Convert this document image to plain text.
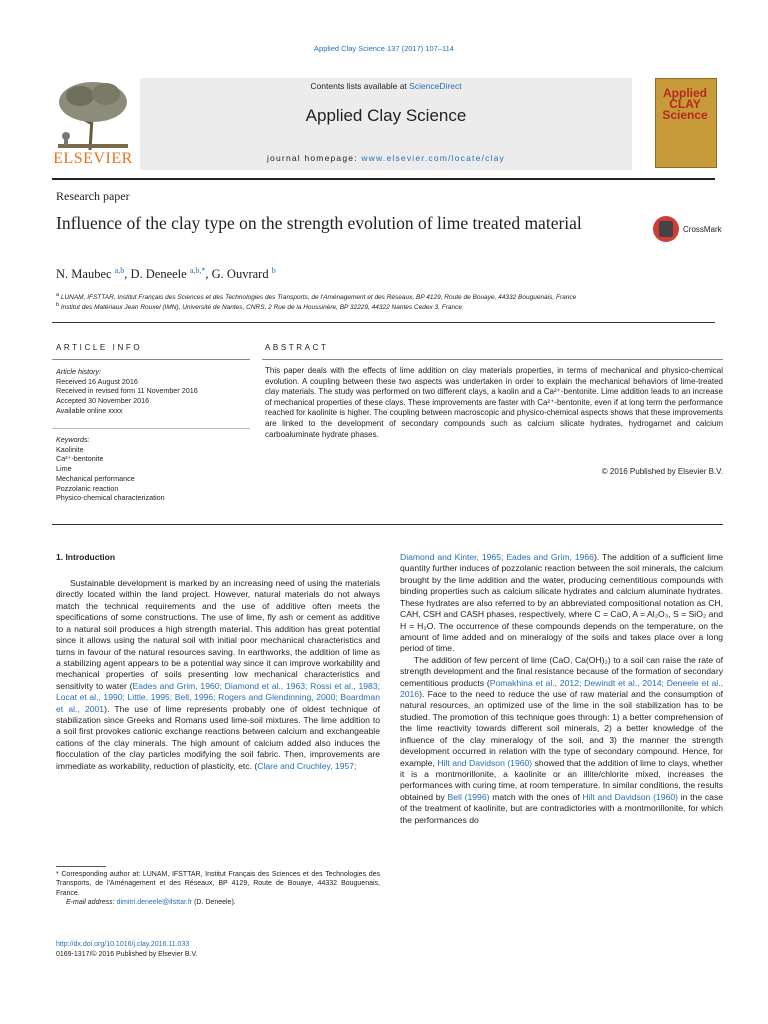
Applied Clay Science 137 (2017) 107–114
ELSEVIER
Contents lists available at ScienceDirect
Applied Clay Science
journal homepage: www.elsevier.com/locate/clay
Applied CLAY Science
Research paper
Influence of the clay type on the strength evolution of lime treated material	CrossMark
N. Maubec $^{a,b}$, D. Deneele $^{a,b,*}$, G. Ouvrard $^b$
$^a$ LUNAM, IFSTTAR, Institut Français des Sciences et des Technologies des Transports, de l'Aménagement et des Réseaux, BP 4129, Route de Bouaye, 44332 Bouguenais, France
$^b$ Institut des Matériaux Jean Rouxel (IMN), Université de Nantes, CNRS, 2 Rue de la Houssinère, BP 32229, 44322 Nantes Cedex 3, France
ARTICLE INFO	ABSTRACT
Article history:
Received 16 August 2016
Received in revised form 11 November 2016
Accepted 30 November 2016
Available online xxxx
Keywords:
Kaolinite
Ca²⁺-bentonite
Lime
Mechanical performance
Pozzolanic reaction
Physico-chemical characterization
This paper deals with the effects of lime addition on clay materials properties, in terms of mechanical and physico-chemical evolution. A coupling between these two aspects was undertaken in order to explain the mechanical behaviors of lime-treated clay materials. The study was performed on two different clays, a kaolin and a Ca²⁺-bentonite. Lime addition leads to an increase of mechanical properties of these clays. These improvements are faster with Ca²⁺-bentonite, even if at long term the performance reached for kaolinite is higher. The coupling between macroscopic and physico-chemical aspects shows that these improvements are linked to the development of secondary compounds such as calcium silicate hydrates, hydrogarnet and calcium carboaluminate hydrate phases.
© 2016 Published by Elsevier B.V.
1. Introduction

Sustainable development is marked by an increasing need of using the materials directly located within the land project. However, natural materials do not always match the technical requirements and the use of additive often meets the specifications of some constructions. The use of lime, fly ash or cement as additive to a natural soil produces a high strength material. This addition has great potential since it allows using the natural soil with initial poor mechanical characteristics and turns in favour of the natural resources saving. In earthworks, the addition of lime as a stabilizing agent appears to be a potential way since it can improve workability and mechanical properties of soils presenting low mechanical characteristics and sensitivity to water (Eades and Grim, 1960; Diamond et al., 1963; Rossi et al., 1983; Locat et al., 1990; Little, 1995; Bell, 1996; Rogers and Glendinning, 2000; Boardman et al., 2001). The use of lime represents probably one of oldest technique of stabilization since Greeks and Romans used lime-soil mixtures. The lime addition to a soil first provokes cationic exchange reactions between calcium and exchangeable cations of the clay minerals. The high amount of calcium added also induces the flocculation of the clay particles modifying the soil fabric. Then, improvements are immediate as workability, reduction of plasticity, etc. (Clare and Cruchley, 1957;

* Corresponding author at: LUNAM, IFSTTAR, Institut Français des Sciences et des Technologies des Transports, de l'Aménagement et des Réseaux, BP 4129, Route de Bouaye, 44332 Bouguenais, France.
E-mail address: dimitri.deneele@ifsttar.fr (D. Deneele).
http://dx.doi.org/10.1016/j.clay.2016.11.033
0169-1317/© 2016 Published by Elsevier B.V.

Diamond and Kinter, 1965; Eades and Grim, 1966). The addition of a sufficient lime quantity further induces of pozzolanic reaction between the soil minerals, the calcium brought by the lime addition and the water, producing cementitious compounds with binding properties such as calcium silicate hydrates and calcium aluminate hydrates. These hydrates are also referred to by an abbreviated compositional notation as CH, CAH, CSH and CASH phases, respectively, where C = CaO, A = Al₂O₃, S = SiO₂ and H = H₂O. The occurrence of these compounds depends on the temperature, on the amount of lime added and on mineralogy of the soils and takes place over a long period of time.

The addition of few percent of lime (CaO, Ca(OH)₂) to a soil can raise the rate of strength development and the final resistance because of the formation of secondary cementitious products (Pomakhina et al., 2012; Dewindt et al., 2014; Deneele et al., 2016). Face to the need to reduce the use of raw material and the consumption of natural resources, an optimized use of the lime in the soil stabilization has to be studied. The promotion of this technique goes through: 1) a better comprehension of the lime reactivity towards different soil minerals, 2) a better knowledge of the influence of the clay mineralogy of the soil, and 3) the manner the strength development occurred in relation with the type of secondary compound. Hence, for example, Hilt and Davidson (1960) showed that the addition of lime to clays, whether it is a montmorillonite, a kaolinite or an illite/chlorite mixed, increases the performances with curing time, at room temperature. In similar conditions, the results obtained by Bell (1996) match with the ones of Hilt and Davidson (1960) in the case of the treatment of kaolinite, but are contradictories with a montmorillonite, for which the performances do
